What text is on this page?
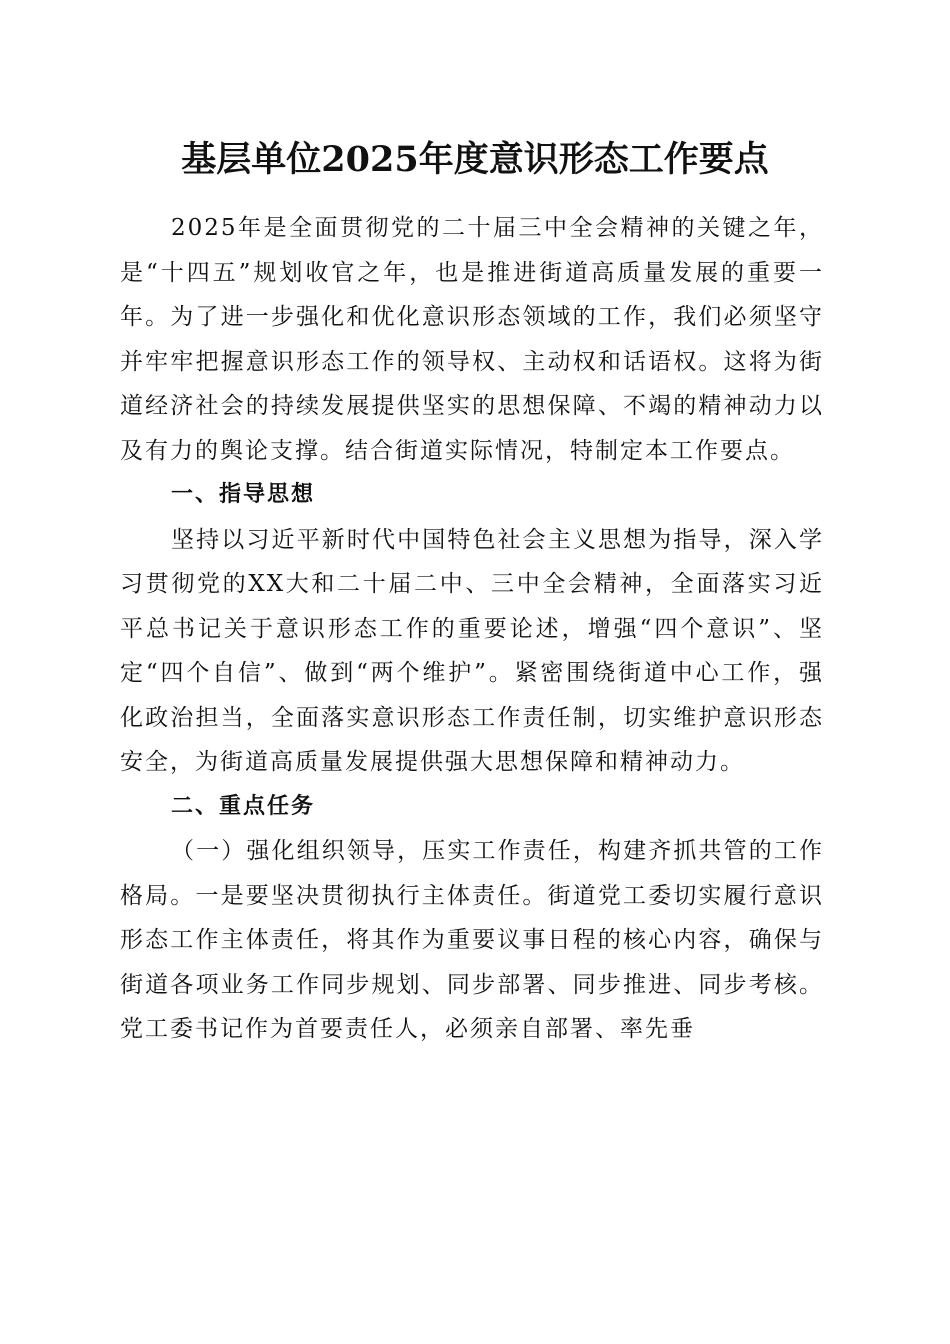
基层单位2025年度意识形态工作要点

2025年是全面贯彻党的二十届三中全会精神的关键之年，是“十四五”规划收官之年，也是推进街道高质量发展的重要一年。为了进一步强化和优化意识形态领域的工作，我们必须坚守并牢牢把握意识形态工作的领导权、主动权和话语权。这将为街道经济社会的持续发展提供坚实的思想保障、不竭的精神动力以及有力的舆论支撑。结合街道实际情况，特制定本工作要点。

一、指导思想

坚持以习近平新时代中国特色社会主义思想为指导，深入学习贯彻党的XX大和二十届二中、三中全会精神，全面落实习近平总书记关于意识形态工作的重要论述，增强“四个意识”、坚定“四个自信”、做到“两个维护”。紧密围绕街道中心工作，强化政治担当，全面落实意识形态工作责任制，切实维护意识形态安全，为街道高质量发展提供强大思想保障和精神动力。

二、重点任务

（一）强化组织领导，压实工作责任，构建齐抓共管的工作格局。一是要坚决贯彻执行主体责任。街道党工委切实履行意识形态工作主体责任，将其作为重要议事日程的核心内容，确保与街道各项业务工作同步规划、同步部署、同步推进、同步考核。党工委书记作为首要责任人，必须亲自部署、率先垂
